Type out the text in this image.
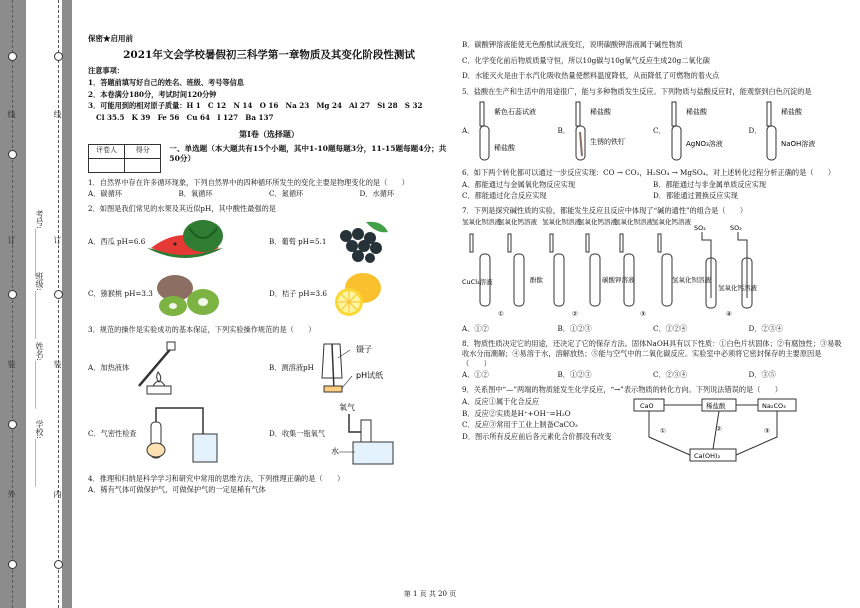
线
订
装
外
线
订
装
内
学校:____________
姓名:____________
班级:____________
考号:____________
保密★启用前
2021年文会学校暑假初三科学第一章物质及其变化阶段性测试
注意事项：
1．答题前填写好自己的姓名、班级、考号等信息
2．本卷满分180分，考试时间120分钟
3．可能用到的相对原子质量：H 1　C 12　N 14　O 16　Na 23　Mg 24　Al 27　Si 28　S 32
Cl 35.5　K 39　Fe 56　Cu 64　I 127　Ba 137
第I卷（选择题）
评卷人	得分
		一、单选题（本大题共有15个小题，其中1-10题每题3分，11-15题每题4分；共50分）
1．自然界中存在许多循环现象，下列自然界中的四种循环所发生的变化主要是物理变化的是（　　）
A．碳循环	B．氧循环	C．氮循环	D．水循环
2．如图是我们常见的水果及其近似pH，其中酸性最强的是
A．西瓜 pH=6.6	B．葡萄 pH=5.1
C．猕猴桃 pH=3.3	D．桔子 pH=3.6
3．规范的操作是实验成功的基本保证，下列实验操作规范的是（　　）
A．加热液体	B．测溶液pH
镊子
pH试纸
C．气密性检查	D．收集一瓶氧气
氧气
水
4．推理和归纳是科学学习和研究中常用的思维方法，下列推理正确的是（　　）
A．稀有气体可做保护气，可做保护气的一定是稀有气体
B．碳酸钾溶液能使无色酚酞试液变红，说明碳酸钾溶液属于碱性物质
C．化学变化前后物质质量守恒，所以10g碳与10g氧气反应生成20g二氧化碳
D．水能灭火是由于水汽化吸收热量使燃料温度降低，从而降低了可燃物的着火点
5．盐酸在生产和生活中的用途很广，能与多种物质发生反应。下列物质与盐酸反应时，能观察到白色沉淀的是
A．
紫色石蕊试液
稀盐酸
B．
稀盐酸
生锈的铁钉
C．
稀盐酸
AgNO₃溶液
D．
稀盐酸
NaOH溶液
6．如下两个转化都可以通过一步反应实现：CO → CO₂，H₂SO₄ → MgSO₄。对上述转化过程分析正确的是（　　）
A．都能通过与金属氧化物反应实现	B．都能通过与非金属单质反应实现
C．都能通过化合反应实现	D．都能通过置换反应实现
7．下列是探究碱性质的实验，都能发生反应且反应中体现了“碱的通性”的组合是（　　）
氢氧化钡溶液
氢氧化钙溶液 氢氧化钡溶液
氢氧化钙溶液
氢氧化钡溶液 氢氧化钙溶液
SO₂	SO₂
CuCl₂溶液	酚酞	碳酸钾溶液	氢氧化钡溶液
氢氧化钙溶液
①	②	③	④
A．①②	B．①②③	C．①②④	D．②③④
8．物质性质决定它的用途，还决定了它的保存方法。固体NaOH具有以下性质：①白色片状固体；②有腐蚀性；③易吸收水分而潮解；④易溶于水，溶解放热；⑤能与空气中的二氧化碳反应。实验室中必须将它密封保存的主要原因是（　　）
A．①②	B．①②③	C．②③④	D．③⑤
9．关系图中“—”两端的物质能发生化学反应，“→”表示物质的转化方向。下列说法错误的是（　　）
A．反应①属于化合反应
B．反应②实质是H⁺+OH⁻=H₂O
C．反应③常用于工业上制备CaCO₃
D．图示所有反应前后各元素化合价都没有改变
CaO	稀盐酸	Na₂CO₃
Ca(OH)₂
①	②	③
第 1 页 共 20 页
